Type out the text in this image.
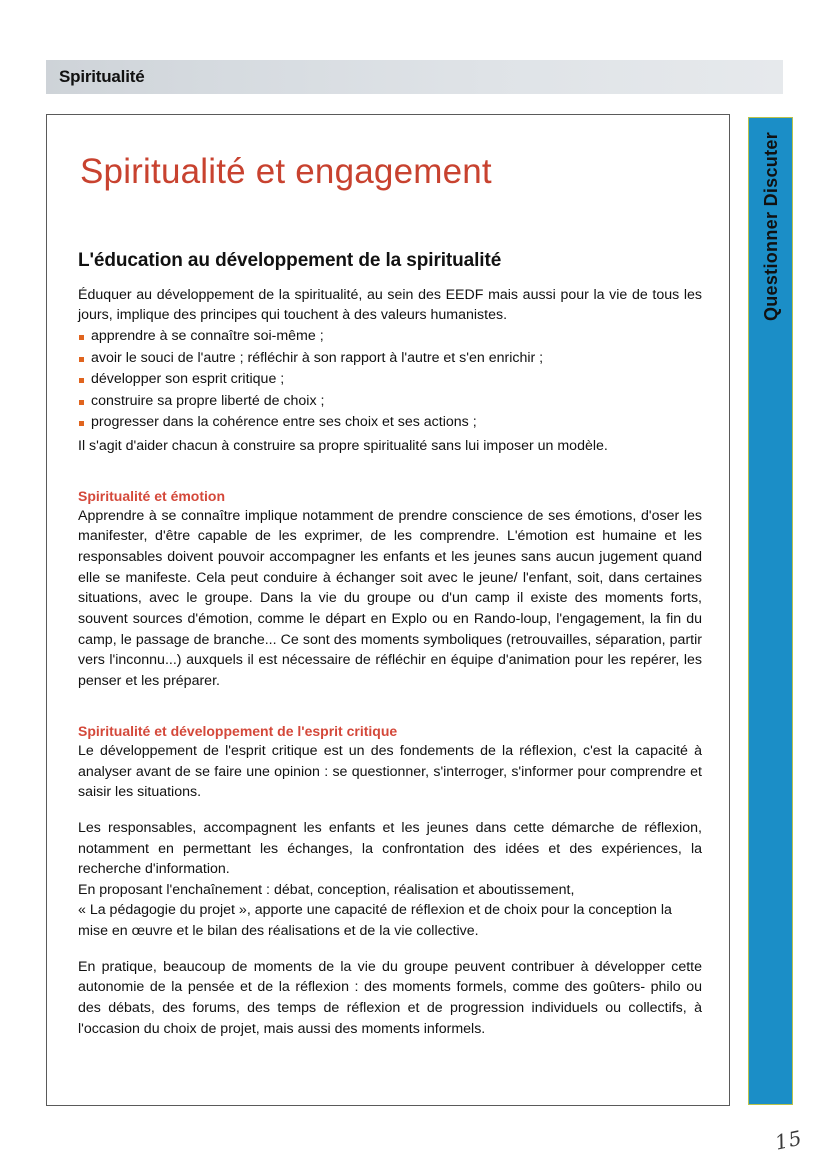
Spiritualité
Questionner Discuter
Spiritualité et engagement
L'éducation au développement de la spiritualité

Éduquer au développement de la spiritualité, au sein des EEDF mais aussi pour la vie de tous les jours, implique des principes qui touchent à des valeurs humanistes.

apprendre à se connaître soi-même ;
avoir le souci de l'autre ; réfléchir à son rapport à l'autre et s'en enrichir ;
développer son esprit critique ;
construire sa propre liberté de choix ;
progresser dans la cohérence entre ses choix et ses actions ;

Il s'agit d'aider chacun à construire sa propre spiritualité sans lui imposer un modèle.

Spiritualité et émotion

Apprendre à se connaître implique notamment de prendre conscience de ses émotions, d'oser les manifester, d'être capable de les exprimer, de les comprendre. L'émotion est humaine et les responsables doivent pouvoir accompagner les enfants et les jeunes sans aucun jugement quand elle se manifeste. Cela peut conduire à échanger soit avec le jeune/ l'enfant, soit, dans certaines situations, avec le groupe. Dans la vie du groupe ou d'un camp il existe des moments forts, souvent sources d'émotion, comme le départ en Explo ou en Rando-loup, l'engagement, la fin du camp, le passage de branche... Ce sont des moments symboliques (retrouvailles, séparation, partir vers l'inconnu...) auxquels il est nécessaire de réfléchir en équipe d'animation pour les repérer, les penser et les préparer.

Spiritualité et développement de l'esprit critique

Le développement de l'esprit critique est un des fondements de la réflexion, c'est la capacité à analyser avant de se faire une opinion : se questionner, s'interroger, s'informer pour comprendre et saisir les situations.

Les responsables, accompagnent les enfants et les jeunes dans cette démarche de réflexion, notamment en permettant les échanges, la confrontation des idées et des expériences, la recherche d'information.

En proposant l'enchaînement : débat, conception, réalisation et aboutissement,

« La pédagogie du projet », apporte une capacité de réflexion et de choix pour la conception la mise en œuvre et le bilan des réalisations et de la vie collective.

En pratique, beaucoup de moments de la vie du groupe peuvent contribuer à développer cette autonomie de la pensée et de la réflexion : des moments formels, comme des goûters- philo ou des débats, des forums, des temps de réflexion et de progression individuels ou collectifs, à l'occasion du choix de projet, mais aussi des moments informels.

15
